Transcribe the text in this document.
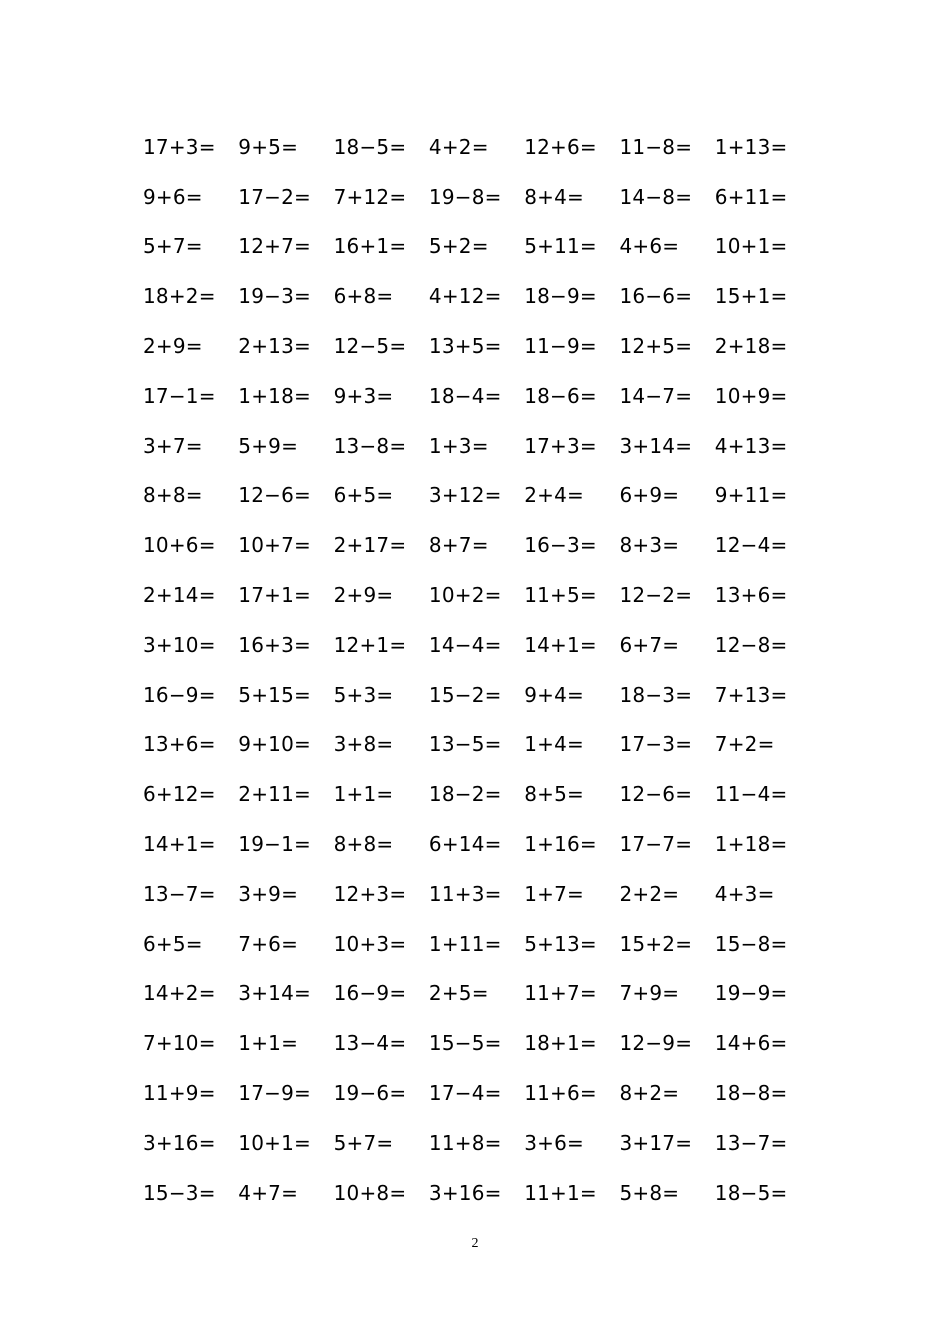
17+3=	9+5=	18−5=	4+2=	12+6=	11−8=	1+13=
9+6=	17−2=	7+12=	19−8=	8+4=	14−8=	6+11=
5+7=	12+7=	16+1=	5+2=	5+11=	4+6=	10+1=
18+2=	19−3=	6+8=	4+12=	18−9=	16−6=	15+1=
2+9=	2+13=	12−5=	13+5=	11−9=	12+5=	2+18=
17−1=	1+18=	9+3=	18−4=	18−6=	14−7=	10+9=
3+7=	5+9=	13−8=	1+3=	17+3=	3+14=	4+13=
8+8=	12−6=	6+5=	3+12=	2+4=	6+9=	9+11=
10+6=	10+7=	2+17=	8+7=	16−3=	8+3=	12−4=
2+14=	17+1=	2+9=	10+2=	11+5=	12−2=	13+6=
3+10=	16+3=	12+1=	14−4=	14+1=	6+7=	12−8=
16−9=	5+15=	5+3=	15−2=	9+4=	18−3=	7+13=
13+6=	9+10=	3+8=	13−5=	1+4=	17−3=	7+2=
6+12=	2+11=	1+1=	18−2=	8+5=	12−6=	11−4=
14+1=	19−1=	8+8=	6+14=	1+16=	17−7=	1+18=
13−7=	3+9=	12+3=	11+3=	1+7=	2+2=	4+3=
6+5=	7+6=	10+3=	1+11=	5+13=	15+2=	15−8=
14+2=	3+14=	16−9=	2+5=	11+7=	7+9=	19−9=
7+10=	1+1=	13−4=	15−5=	18+1=	12−9=	14+6=
11+9=	17−9=	19−6=	17−4=	11+6=	8+2=	18−8=
3+16=	10+1=	5+7=	11+8=	3+6=	3+17=	13−7=
15−3=	4+7=	10+8=	3+16=	11+1=	5+8=	18−5=
2
